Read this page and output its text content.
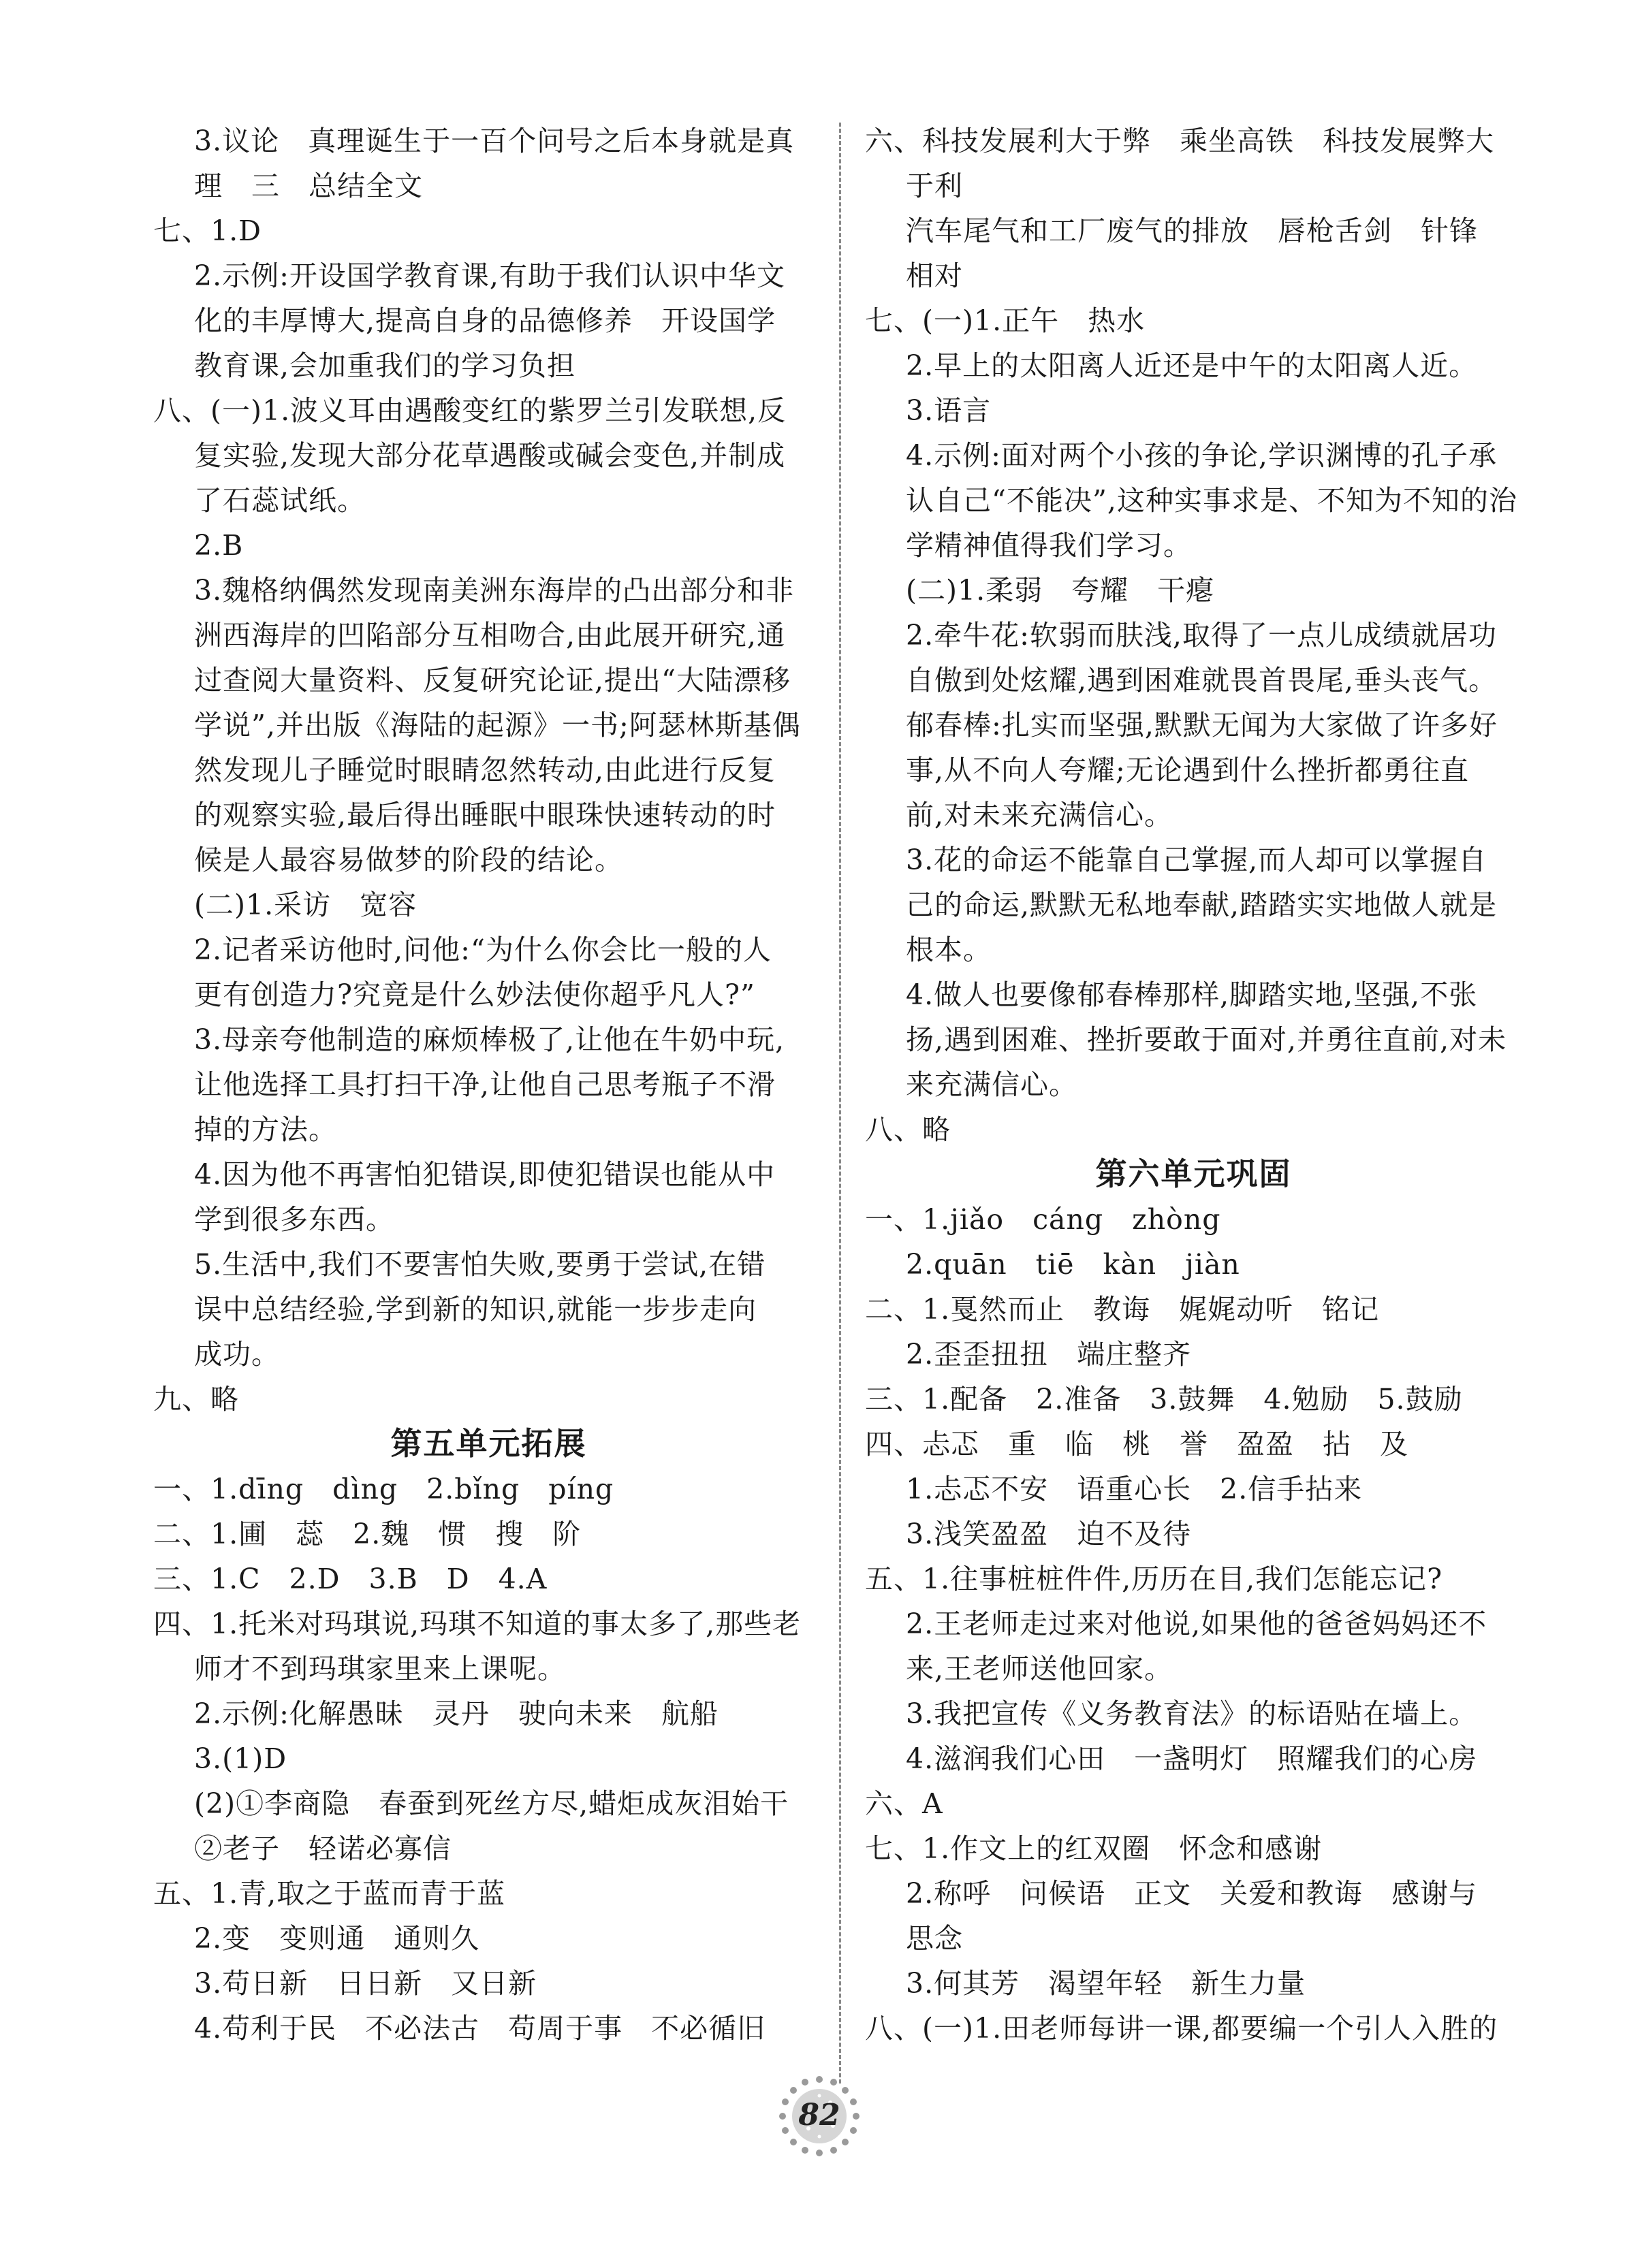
3.议论　真理诞生于一百个问号之后本身就是真
理　三　总结全文
七、1.D
2.示例:开设国学教育课,有助于我们认识中华文
化的丰厚博大,提高自身的品德修养　开设国学
教育课,会加重我们的学习负担
八、(一)1.波义耳由遇酸变红的紫罗兰引发联想,反
复实验,发现大部分花草遇酸或碱会变色,并制成
了石蕊试纸。
2.B
3.魏格纳偶然发现南美洲东海岸的凸出部分和非
洲西海岸的凹陷部分互相吻合,由此展开研究,通
过查阅大量资料、反复研究论证,提出“大陆漂移
学说”,并出版《海陆的起源》一书;阿瑟林斯基偶
然发现儿子睡觉时眼睛忽然转动,由此进行反复
的观察实验,最后得出睡眠中眼珠快速转动的时
候是人最容易做梦的阶段的结论。
(二)1.采访　宽容
2.记者采访他时,问他:“为什么你会比一般的人
更有创造力?究竟是什么妙法使你超乎凡人?”
3.母亲夸他制造的麻烦棒极了,让他在牛奶中玩,
让他选择工具打扫干净,让他自己思考瓶子不滑
掉的方法。
4.因为他不再害怕犯错误,即使犯错误也能从中
学到很多东西。
5.生活中,我们不要害怕失败,要勇于尝试,在错
误中总结经验,学到新的知识,就能一步步走向
成功。
九、略
第五单元拓展
一、1.dīng　dìng　2.bǐng　píng
二、1.圃　蕊　2.魏　惯　搜　阶
三、1.C　2.D　3.B　D　4.A
四、1.托米对玛琪说,玛琪不知道的事太多了,那些老
师才不到玛琪家里来上课呢。
2.示例:化解愚昧　灵丹　驶向未来　航船
3.(1)D
(2)①李商隐　春蚕到死丝方尽,蜡炬成灰泪始干
②老子　轻诺必寡信
五、1.青,取之于蓝而青于蓝
2.变　变则通　通则久
3.苟日新　日日新　又日新
4.苟利于民　不必法古　苟周于事　不必循旧
六、科技发展利大于弊　乘坐高铁　科技发展弊大
于利
汽车尾气和工厂废气的排放　唇枪舌剑　针锋
相对
七、(一)1.正午　热水
2.早上的太阳离人近还是中午的太阳离人近。
3.语言
4.示例:面对两个小孩的争论,学识渊博的孔子承
认自己“不能决”,这种实事求是、不知为不知的治
学精神值得我们学习。
(二)1.柔弱　夸耀　干瘪
2.牵牛花:软弱而肤浅,取得了一点儿成绩就居功
自傲到处炫耀,遇到困难就畏首畏尾,垂头丧气。
郁春棒:扎实而坚强,默默无闻为大家做了许多好
事,从不向人夸耀;无论遇到什么挫折都勇往直
前,对未来充满信心。
3.花的命运不能靠自己掌握,而人却可以掌握自
己的命运,默默无私地奉献,踏踏实实地做人就是
根本。
4.做人也要像郁春棒那样,脚踏实地,坚强,不张
扬,遇到困难、挫折要敢于面对,并勇往直前,对未
来充满信心。
八、略
第六单元巩固
一、1.jiǎo　cáng　zhòng
2.quān　tiē　kàn　jiàn
二、1.戛然而止　教诲　娓娓动听　铭记
2.歪歪扭扭　端庄整齐
三、1.配备　2.准备　3.鼓舞　4.勉励　5.鼓励
四、忐忑　重　临　桃　誉　盈盈　拈　及
1.忐忑不安　语重心长　2.信手拈来
3.浅笑盈盈　迫不及待
五、1.往事桩桩件件,历历在目,我们怎能忘记?
2.王老师走过来对他说,如果他的爸爸妈妈还不
来,王老师送他回家。
3.我把宣传《义务教育法》的标语贴在墙上。
4.滋润我们心田　一盏明灯　照耀我们的心房
六、A
七、1.作文上的红双圈　怀念和感谢
2.称呼　问候语　正文　关爱和教诲　感谢与
思念
3.何其芳　渴望年轻　新生力量
八、(一)1.田老师每讲一课,都要编一个引人入胜的
82
